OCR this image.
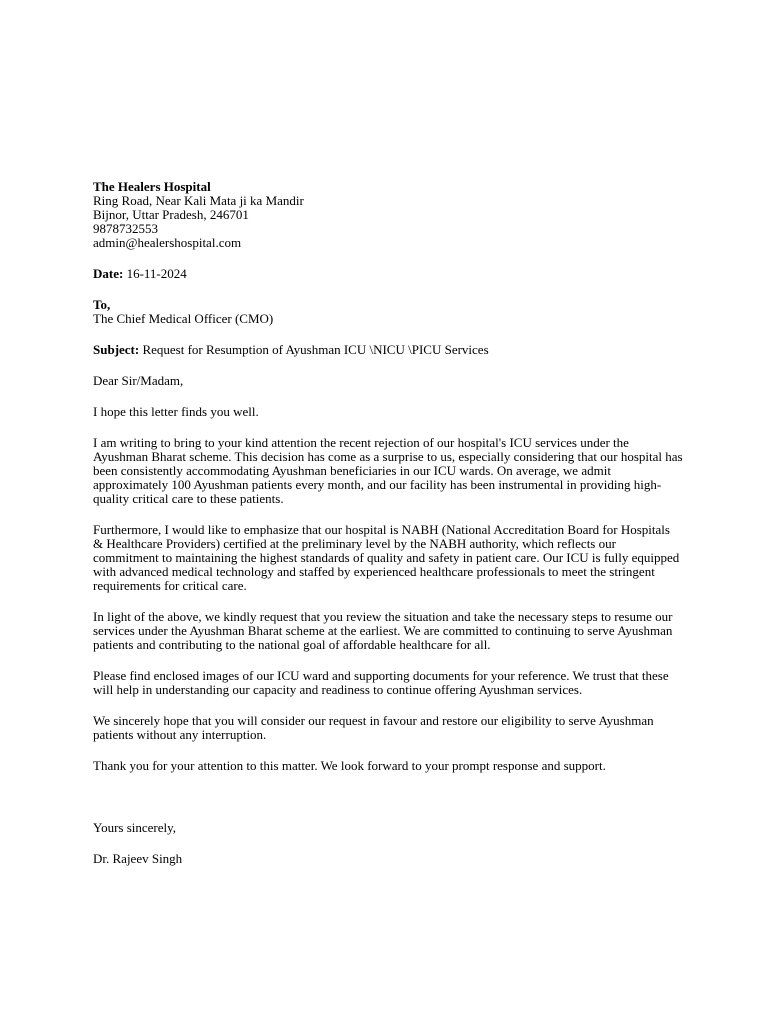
The Healers Hospital

Ring Road, Near Kali Mata ji ka Mandir

Bijnor, Uttar Pradesh, 246701

9878732553

admin@healershospital.com

Date: 16-11-2024

To,

The Chief Medical Officer (CMO)

Subject: Request for Resumption of Ayushman ICU \NICU \PICU Services

Dear Sir/Madam,

I hope this letter finds you well.

I am writing to bring to your kind attention the recent rejection of our hospital's ICU services under the Ayushman Bharat scheme. This decision has come as a surprise to us, especially considering that our hospital has been consistently accommodating Ayushman beneficiaries in our ICU wards. On average, we admit approximately 100 Ayushman patients every month, and our facility has been instrumental in providing high-quality critical care to these patients.

Furthermore, I would like to emphasize that our hospital is NABH (National Accreditation Board for Hospitals & Healthcare Providers) certified at the preliminary level by the NABH authority, which reflects our commitment to maintaining the highest standards of quality and safety in patient care. Our ICU is fully equipped with advanced medical technology and staffed by experienced healthcare professionals to meet the stringent requirements for critical care.

In light of the above, we kindly request that you review the situation and take the necessary steps to resume our services under the Ayushman Bharat scheme at the earliest. We are committed to continuing to serve Ayushman patients and contributing to the national goal of affordable healthcare for all.

Please find enclosed images of our ICU ward and supporting documents for your reference. We trust that these will help in understanding our capacity and readiness to continue offering Ayushman services.

We sincerely hope that you will consider our request in favour and restore our eligibility to serve Ayushman patients without any interruption.

Thank you for your attention to this matter. We look forward to your prompt response and support.

Yours sincerely,

Dr. Rajeev Singh
